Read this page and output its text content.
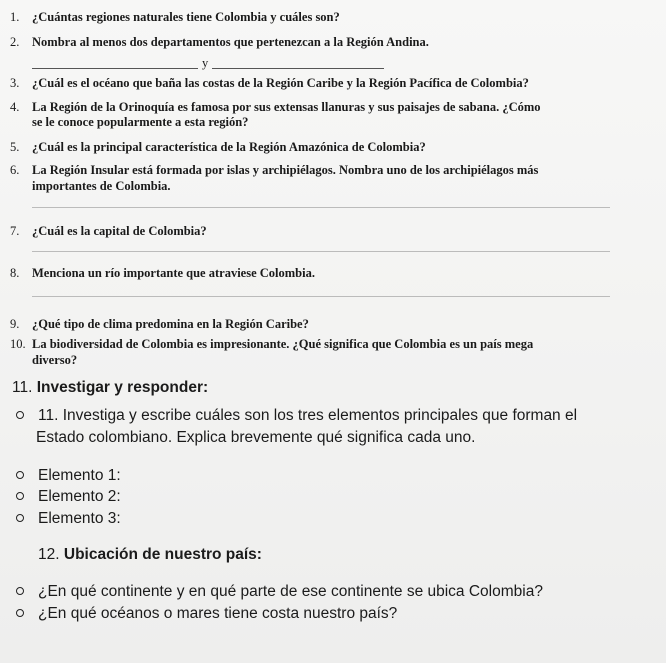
1. ¿Cuántas regiones naturales tiene Colombia y cuáles son?
2. Nombra al menos dos departamentos que pertenezcan a la Región Andina.
y
3. ¿Cuál es el océano que baña las costas de la Región Caribe y la Región Pacífica de Colombia?
4. La Región de la Orinoquía es famosa por sus extensas llanuras y sus paisajes de sabana. ¿Cómo
se le conoce popularmente a esta región?
5. ¿Cuál es la principal característica de la Región Amazónica de Colombia?
6. La Región Insular está formada por islas y archipiélagos. Nombra uno de los archipiélagos más
importantes de Colombia.
7. ¿Cuál es la capital de Colombia?
8. Menciona un río importante que atraviese Colombia.
9. ¿Qué tipo de clima predomina en la Región Caribe?
10. La biodiversidad de Colombia es impresionante. ¿Qué significa que Colombia es un país mega
diverso?
11. Investigar y responder:
11. Investiga y escribe cuáles son los tres elementos principales que forman el
Estado colombiano. Explica brevemente qué significa cada uno.
Elemento 1:
Elemento 2:
Elemento 3:
12. Ubicación de nuestro país:
¿En qué continente y en qué parte de ese continente se ubica Colombia?
¿En qué océanos o mares tiene costa nuestro país?
